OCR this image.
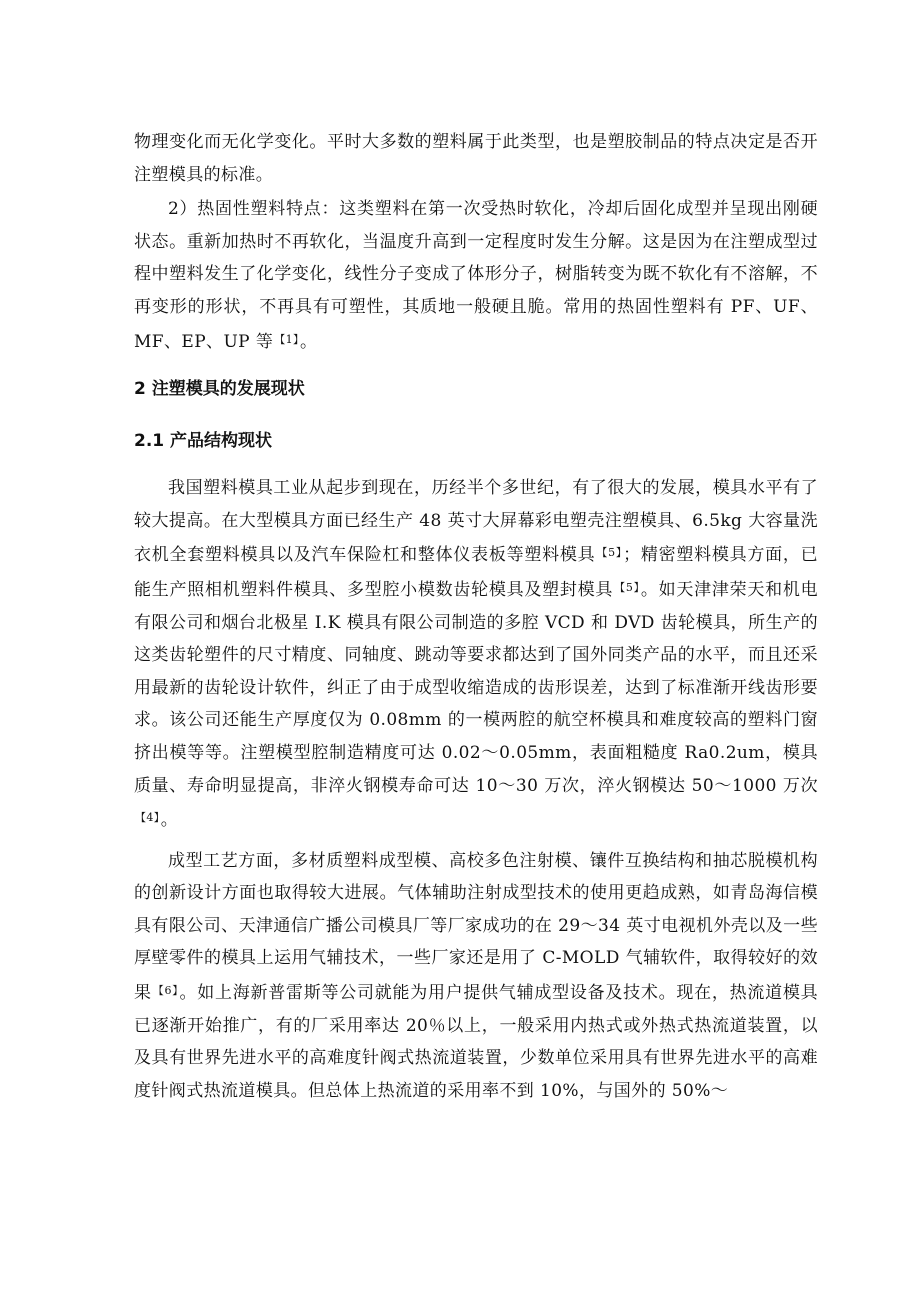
物理变化而无化学变化。平时大多数的塑料属于此类型，也是塑胶制品的特点决定是否开注塑模具的标准。

2）热固性塑料特点：这类塑料在第一次受热时软化，冷却后固化成型并呈现出刚硬状态。重新加热时不再软化，当温度升高到一定程度时发生分解。这是因为在注塑成型过程中塑料发生了化学变化，线性分子变成了体形分子，树脂转变为既不软化有不溶解，不再变形的形状，不再具有可塑性，其质地一般硬且脆。常用的热固性塑料有 PF、UF、MF、EP、UP 等$^{【1】}$。

2 注塑模具的发展现状
2.1 产品结构现状

我国塑料模具工业从起步到现在，历经半个多世纪，有了很大的发展，模具水平有了较大提高。在大型模具方面已经生产 48 英寸大屏幕彩电塑壳注塑模具、6.5kg 大容量洗衣机全套塑料模具以及汽车保险杠和整体仪表板等塑料模具$^{【5】}$；精密塑料模具方面，已能生产照相机塑料件模具、多型腔小模数齿轮模具及塑封模具$^{【5】}$。如天津津荣天和机电有限公司和烟台北极星 I.K 模具有限公司制造的多腔 VCD 和 DVD 齿轮模具，所生产的这类齿轮塑件的尺寸精度、同轴度、跳动等要求都达到了国外同类产品的水平，而且还采用最新的齿轮设计软件，纠正了由于成型收缩造成的齿形误差，达到了标准渐开线齿形要求。该公司还能生产厚度仅为 0.08mm 的一模两腔的航空杯模具和难度较高的塑料门窗挤出模等等。注塑模型腔制造精度可达 0.02～0.05mm，表面粗糙度 Ra0.2um，模具质量、寿命明显提高，非淬火钢模寿命可达 10～30 万次，淬火钢模达 50～1000 万次$^{【4】}$。

成型工艺方面，多材质塑料成型模、高校多色注射模、镶件互换结构和抽芯脱模机构的创新设计方面也取得较大进展。气体辅助注射成型技术的使用更趋成熟，如青岛海信模具有限公司、天津通信广播公司模具厂等厂家成功的在 29～34 英寸电视机外壳以及一些厚壁零件的模具上运用气辅技术，一些厂家还是用了 C-MOLD 气辅软件，取得较好的效果$^{【6】}$。如上海新普雷斯等公司就能为用户提供气辅成型设备及技术。现在，热流道模具已逐渐开始推广，有的厂采用率达 20％以上，一般采用内热式或外热式热流道装置，以及具有世界先进水平的高难度针阀式热流道装置，少数单位采用具有世界先进水平的高难度针阀式热流道模具。但总体上热流道的采用率不到 10%，与国外的 50%～
